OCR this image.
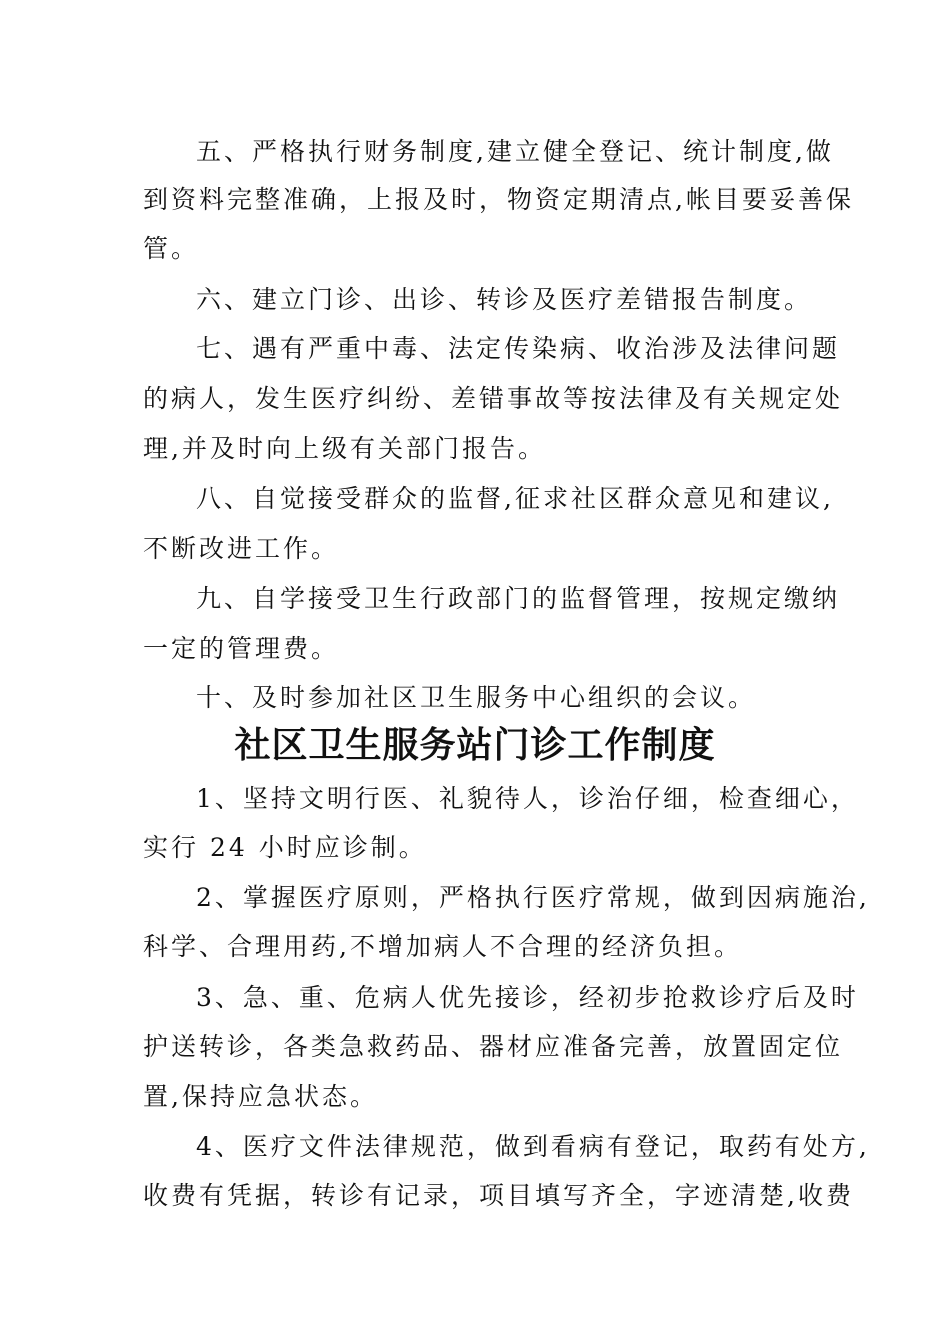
五、严格执行财务制度,建立健全登记、统计制度,做
到资料完整准确，上报及时，物资定期清点,帐目要妥善保
管。
六、建立门诊、出诊、转诊及医疗差错报告制度。
七、遇有严重中毒、法定传染病、收治涉及法律问题
的病人，发生医疗纠纷、差错事故等按法律及有关规定处
理,并及时向上级有关部门报告。
八、自觉接受群众的监督,征求社区群众意见和建议,
不断改进工作。
九、自学接受卫生行政部门的监督管理，按规定缴纳
一定的管理费。
十、及时参加社区卫生服务中心组织的会议。
社区卫生服务站门诊工作制度
1、坚持文明行医、礼貌待人，诊治仔细，检查细心，
实行 24 小时应诊制。
2、掌握医疗原则，严格执行医疗常规，做到因病施治,
科学、合理用药,不增加病人不合理的经济负担。
3、急、重、危病人优先接诊，经初步抢救诊疗后及时
护送转诊，各类急救药品、器材应准备完善，放置固定位
置,保持应急状态。
4、医疗文件法律规范，做到看病有登记，取药有处方,
收费有凭据，转诊有记录，项目填写齐全，字迹清楚,收费
